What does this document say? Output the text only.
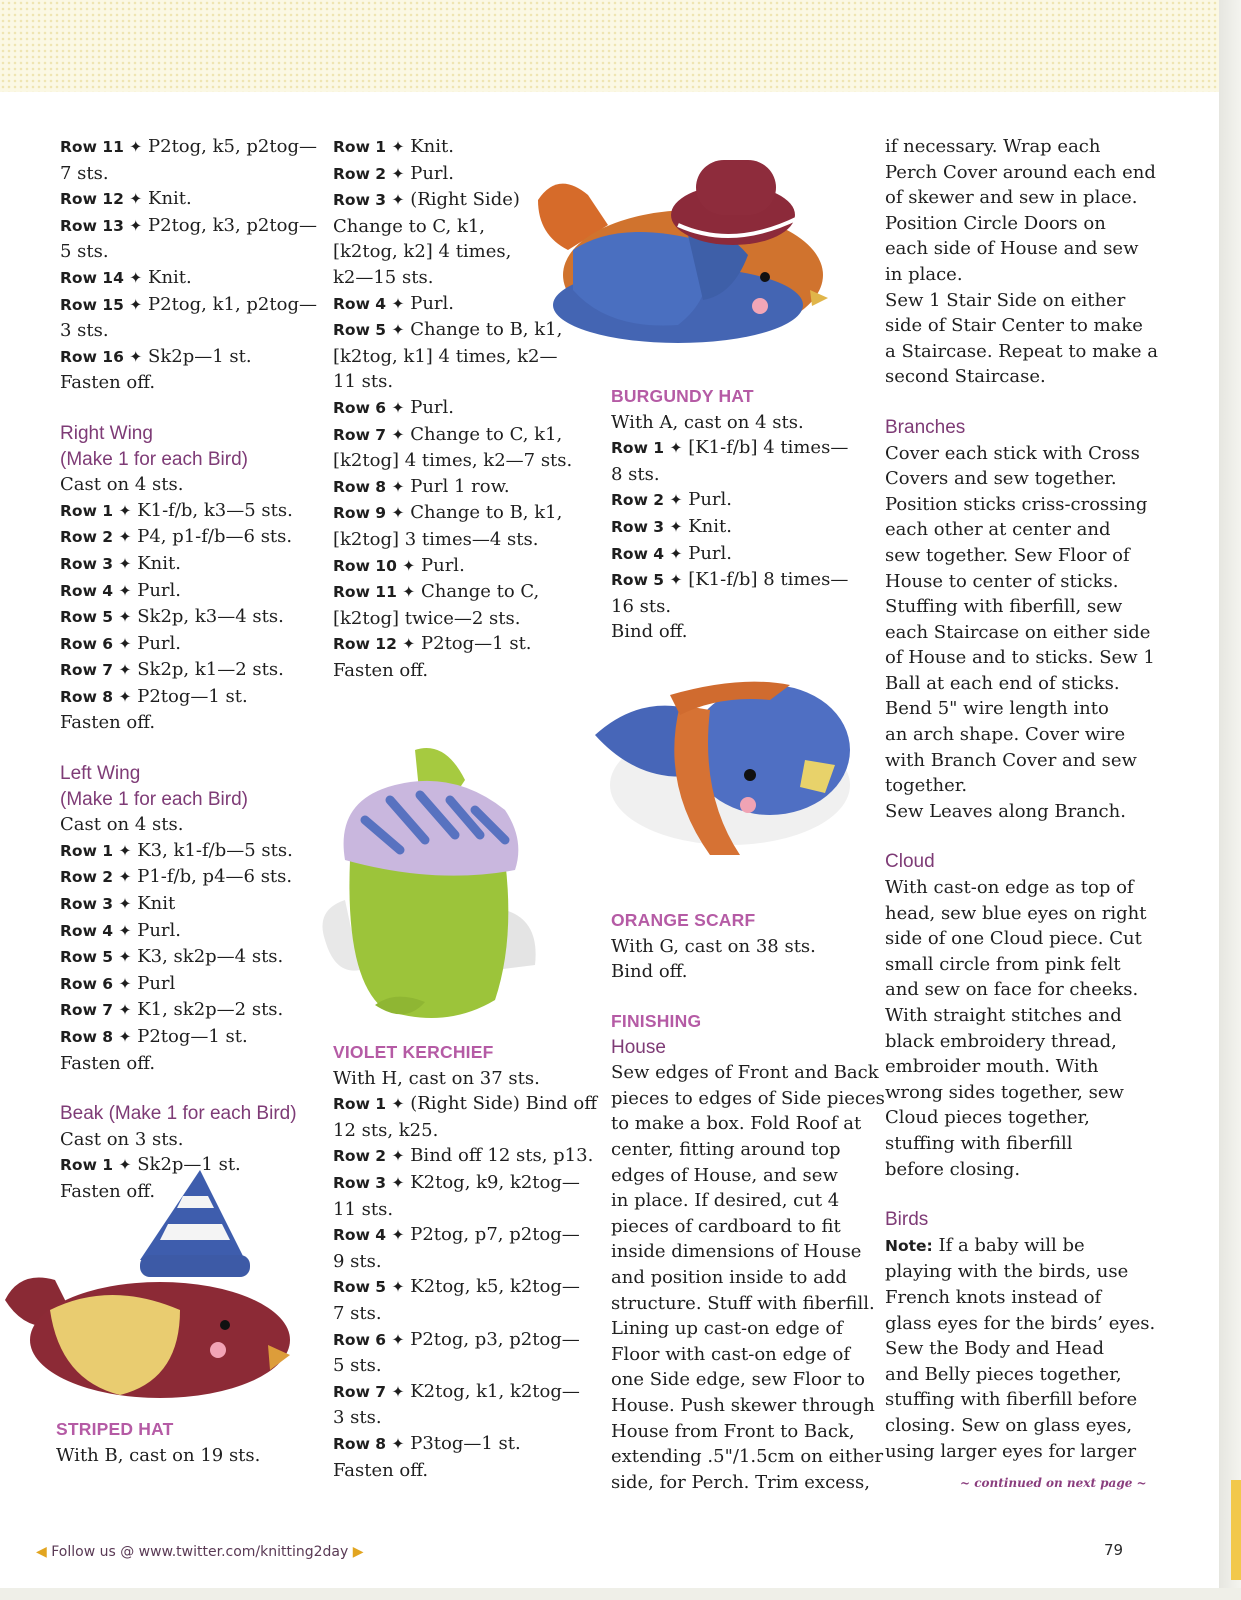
Row 11 ✦ P2tog, k5, p2tog—
7 sts.
Row 12 ✦ Knit.
Row 13 ✦ P2tog, k3, p2tog—
5 sts.
Row 14 ✦ Knit.
Row 15 ✦ P2tog, k1, p2tog—
3 sts.
Row 16 ✦ Sk2p—1 st.
Fasten off.
Right Wing
(Make 1 for each Bird)
Cast on 4 sts.
Row 1 ✦ K1-f/b, k3—5 sts.
Row 2 ✦ P4, p1-f/b—6 sts.
Row 3 ✦ Knit.
Row 4 ✦ Purl.
Row 5 ✦ Sk2p, k3—4 sts.
Row 6 ✦ Purl.
Row 7 ✦ Sk2p, k1—2 sts.
Row 8 ✦ P2tog—1 st.
Fasten off.
Left Wing
(Make 1 for each Bird)
Cast on 4 sts.
Row 1 ✦ K3, k1-f/b—5 sts.
Row 2 ✦ P1-f/b, p4—6 sts.
Row 3 ✦ Knit
Row 4 ✦ Purl.
Row 5 ✦ K3, sk2p—4 sts.
Row 6 ✦ Purl
Row 7 ✦ K1, sk2p—2 sts.
Row 8 ✦ P2tog—1 st.
Fasten off.
Beak (Make 1 for each Bird)
Cast on 3 sts.
Row 1 ✦ Sk2p—1 st.
Fasten off.
STRIPED HAT
With B, cast on 19 sts.
Row 1 ✦ Knit.
Row 2 ✦ Purl.
Row 3 ✦ (Right Side)
Change to C, k1,
[k2tog, k2] 4 times,
k2—15 sts.
Row 4 ✦ Purl.
Row 5 ✦ Change to B, k1,
[k2tog, k1] 4 times, k2—
11 sts.
Row 6 ✦ Purl.
Row 7 ✦ Change to C, k1,
[k2tog] 4 times, k2—7 sts.
Row 8 ✦ Purl 1 row.
Row 9 ✦ Change to B, k1,
[k2tog] 3 times—4 sts.
Row 10 ✦ Purl.
Row 11 ✦ Change to C,
[k2tog] twice—2 sts.
Row 12 ✦ P2tog—1 st.
Fasten off.
VIOLET KERCHIEF
With H, cast on 37 sts.
Row 1 ✦ (Right Side) Bind off
12 sts, k25.
Row 2 ✦ Bind off 12 sts, p13.
Row 3 ✦ K2tog, k9, k2tog—
11 sts.
Row 4 ✦ P2tog, p7, p2tog—
9 sts.
Row 5 ✦ K2tog, k5, k2tog—
7 sts.
Row 6 ✦ P2tog, p3, p2tog—
5 sts.
Row 7 ✦ K2tog, k1, k2tog—
3 sts.
Row 8 ✦ P3tog—1 st.
Fasten off.
BURGUNDY HAT
With A, cast on 4 sts.
Row 1 ✦ [K1-f/b] 4 times—
8 sts.
Row 2 ✦ Purl.
Row 3 ✦ Knit.
Row 4 ✦ Purl.
Row 5 ✦ [K1-f/b] 8 times—
16 sts.
Bind off.
ORANGE SCARF
With G, cast on 38 sts.
Bind off.
FINISHING
House
Sew edges of Front and Back
pieces to edges of Side pieces
to make a box. Fold Roof at
center, fitting around top
edges of House, and sew
in place. If desired, cut 4
pieces of cardboard to fit
inside dimensions of House
and position inside to add
structure. Stuff with fiberfill.
Lining up cast-on edge of
Floor with cast-on edge of
one Side edge, sew Floor to
House. Push skewer through
House from Front to Back,
extending .5"/1.5cm on either
side, for Perch. Trim excess,
if necessary. Wrap each
Perch Cover around each end
of skewer and sew in place.
Position Circle Doors on
each side of House and sew
in place.
Sew 1 Stair Side on either
side of Stair Center to make
a Staircase. Repeat to make a
second Staircase.
Branches
Cover each stick with Cross
Covers and sew together.
Position sticks criss-crossing
each other at center and
sew together. Sew Floor of
House to center of sticks.
Stuffing with fiberfill, sew
each Staircase on either side
of House and to sticks. Sew 1
Ball at each end of sticks.
Bend 5" wire length into
an arch shape. Cover wire
with Branch Cover and sew
together.
Sew Leaves along Branch.
Cloud
With cast-on edge as top of
head, sew blue eyes on right
side of one Cloud piece. Cut
small circle from pink felt
and sew on face for cheeks.
With straight stitches and
black embroidery thread,
embroider mouth. With
wrong sides together, sew
Cloud pieces together,
stuffing with fiberfill
before closing.
Birds
Note: If a baby will be
playing with the birds, use
French knots instead of
glass eyes for the birds’ eyes.
Sew the Body and Head
and Belly pieces together,
stuffing with fiberfill before
closing. Sew on glass eyes,
using larger eyes for larger
~ continued on next page ~
◀ Follow us @ www.twitter.com/knitting2day ▶	79
